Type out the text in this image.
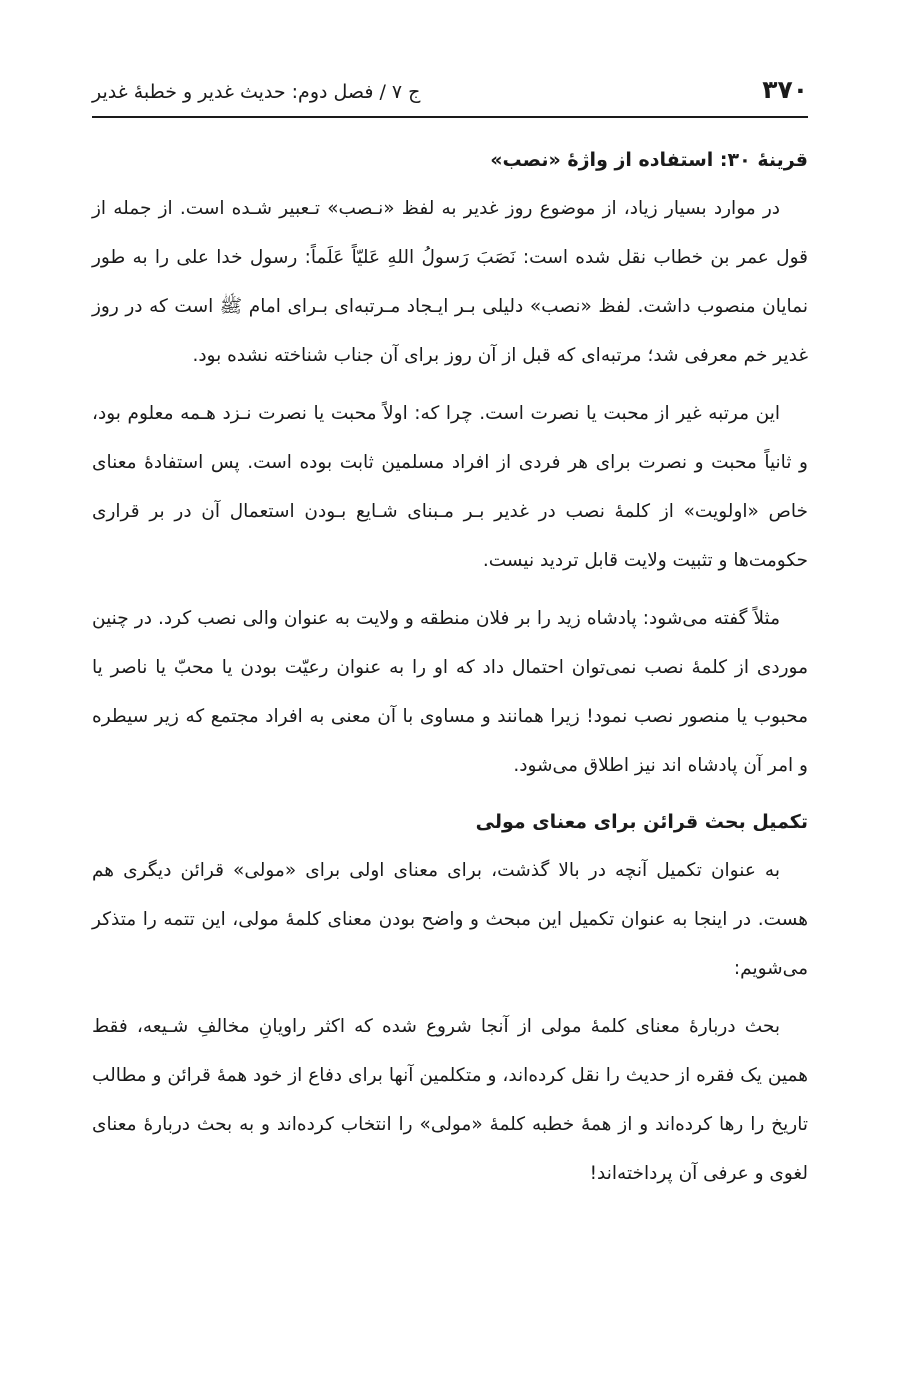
۳۷۰
ج ۷ / فصل دوم: حدیث غدیر و خطبهٔ غدیر
قرینهٔ ۳۰: استفاده از واژهٔ «نصب»

در موارد بسیار زیاد، از موضوع روز غدیر به لفظ «نـصب» تـعبیر شـده است. از جمله از قول عمر بن خطاب نقل شده است: نَصَبَ رَسولُ اللهِ عَلیّاً عَلَماً: رسول خدا علی را به طور نمایان منصوب داشت. لفظ «نصب» دلیلی بـر ایـجاد مـرتبه‌ای بـرای امام ﷺ است که در روز غدیر خم معرفی شد؛ مرتبه‌ای که قبل از آن روز برای آن جناب شناخته نشده بود.

این مرتبه غیر از محبت یا نصرت است. چرا که: اولاً محبت یا نصرت نـزد هـمه معلوم بود، و ثانیاً محبت و نصرت برای هر فردی از افراد مسلمین ثابت بوده است. پس استفادهٔ معنای خاص «اولویت» از کلمهٔ نصب در غدیر بـر مـبنای شـایع بـودن استعمال آن در بر قراری حکومت‌ها و تثبیت ولایت قابل تردید نیست.

مثلاً گفته می‌شود: پادشاه زید را بر فلان منطقه و ولایت به عنوان والی نصب کرد. در چنین موردی از کلمهٔ نصب نمی‌توان احتمال داد که او را به عنوان رعیّت بودن یا محبّ یا ناصر یا محبوب یا منصور نصب نمود! زیرا همانند و مساوی با آن معنی به افراد مجتمع که زیر سیطره و امر آن پادشاه اند نیز اطلاق می‌شود.

تکمیل بحث قرائن برای معنای مولی

به عنوان تکمیل آنچه در بالا گذشت، برای معنای اولی برای «مولی» قرائن دیگری هم هست. در اینجا به عنوان تکمیل این مبحث و واضح بودن معنای کلمهٔ مولی، این تتمه را متذکر می‌شویم:

بحث دربارهٔ معنای کلمهٔ مولی از آنجا شروع شده که اکثر راویانِ مخالفِ شـیعه، فقط همین یک فقره از حدیث را نقل کرده‌اند، و متکلمین آنها برای دفاع از خود همهٔ قرائن و مطالب تاریخ را رها کرده‌اند و از همهٔ خطبه کلمهٔ «مولی» را انتخاب کرده‌اند و به بحث دربارهٔ معنای لغوی و عرفی آن پرداخته‌اند!
